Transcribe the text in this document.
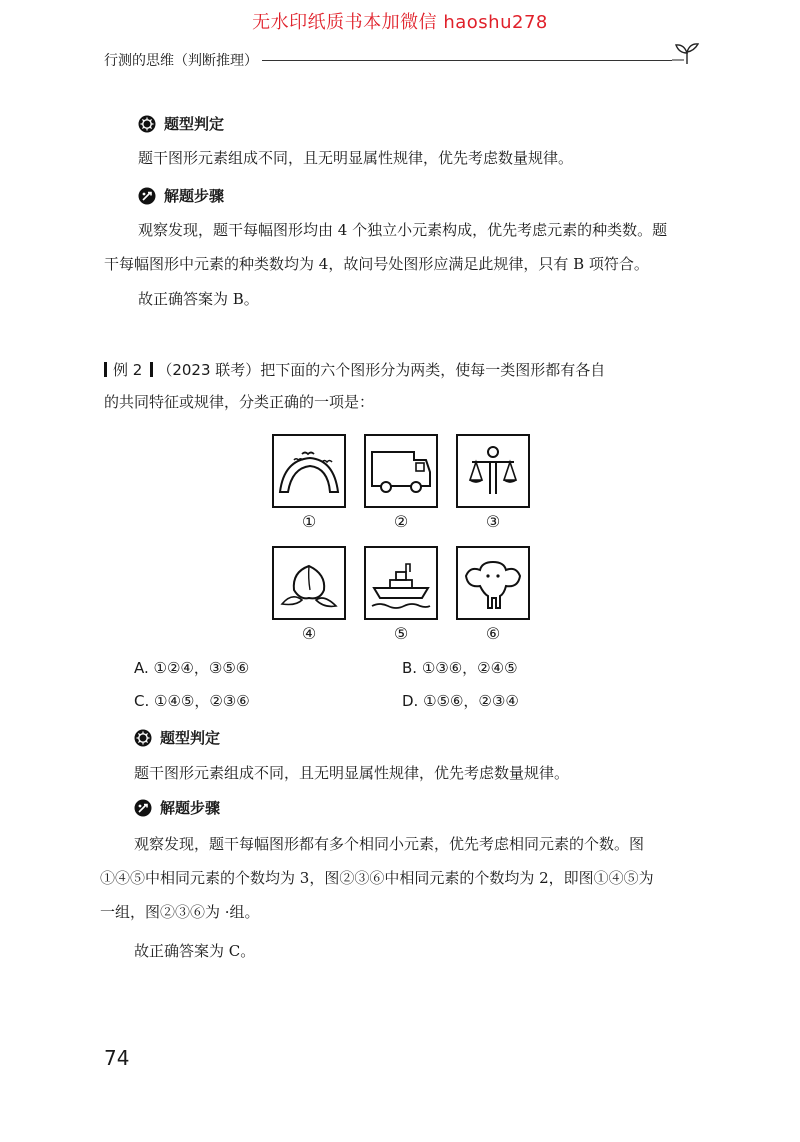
无水印纸质书本加微信 haoshu278
行测的思维（判断推理）
题型判定
题干图形元素组成不同，且无明显属性规律，优先考虑数量规律。
解题步骤
观察发现，题干每幅图形均由 4 个独立小元素构成，优先考虑元素的种类数。题
干每幅图形中元素的种类数均为 4，故问号处图形应满足此规律，只有 B 项符合。
故正确答案为 B。
例 2 （2023 联考）把下面的六个图形分为两类，使每一类图形都有各自
的共同特征或规律，分类正确的一项是：
①	②	③
④	⑤	⑥
A. ①②④，③⑤⑥	B. ①③⑥，②④⑤
C. ①④⑤，②③⑥	D. ①⑤⑥，②③④
题型判定
题干图形元素组成不同，且无明显属性规律，优先考虑数量规律。
解题步骤
观察发现，题干每幅图形都有多个相同小元素，优先考虑相同元素的个数。图
①④⑤中相同元素的个数均为 3，图②③⑥中相同元素的个数均为 2，即图①④⑤为
一组，图②③⑥为 ·组。
故正确答案为 C。
74
